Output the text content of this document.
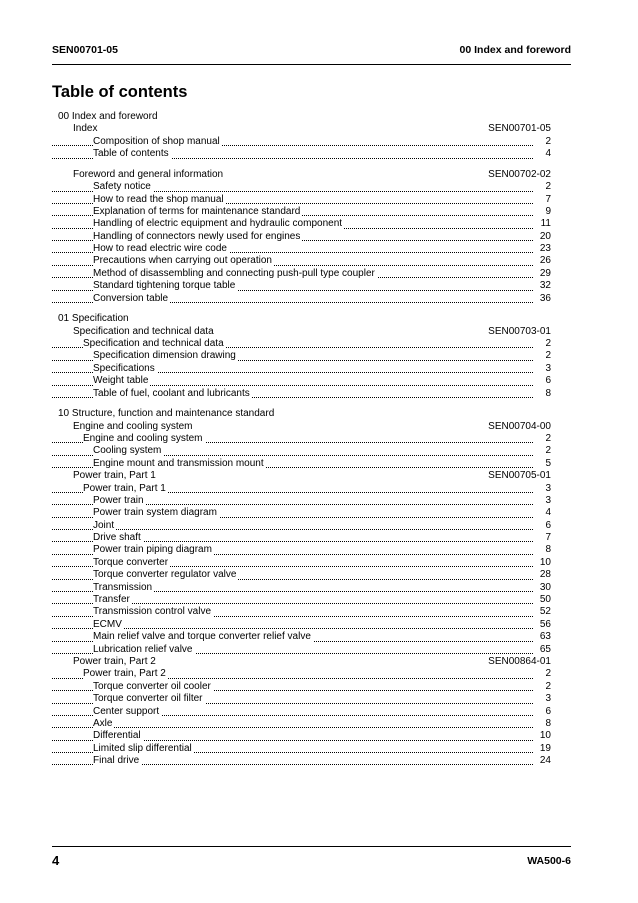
SEN00701-05	00 Index and foreword
Table of contents
00 Index and foreword
Index	SEN00701-05
Composition of shop manual	2
Table of contents	4
Foreword and general information	SEN00702-02
Safety notice	2
How to read the shop manual	7
Explanation of terms for maintenance standard	9
Handling of electric equipment and hydraulic component	11
Handling of connectors newly used for engines	20
How to read electric wire code	23
Precautions when carrying out operation	26
Method of disassembling and connecting push-pull type coupler	29
Standard tightening torque table	32
Conversion table	36
01 Specification
Specification and technical data	SEN00703-01
Specification and technical data	2
Specification dimension drawing	2
Specifications	3
Weight table	6
Table of fuel, coolant and lubricants	8
10 Structure, function and maintenance standard
Engine and cooling system	SEN00704-00
Engine and cooling system	2
Cooling system	2
Engine mount and transmission mount	5
Power train, Part 1	SEN00705-01
Power train, Part 1	3
Power train	3
Power train system diagram	4
Joint	6
Drive shaft	7
Power train piping diagram	8
Torque converter	10
Torque converter regulator valve	28
Transmission	30
Transfer	50
Transmission control valve	52
ECMV	56
Main relief valve and torque converter relief valve	63
Lubrication relief valve	65
Power train, Part 2	SEN00864-01
Power train, Part 2	2
Torque converter oil cooler	2
Torque converter oil filter	3
Center support	6
Axle	8
Differential	10
Limited slip differential	19
Final drive	24
4	WA500-6
